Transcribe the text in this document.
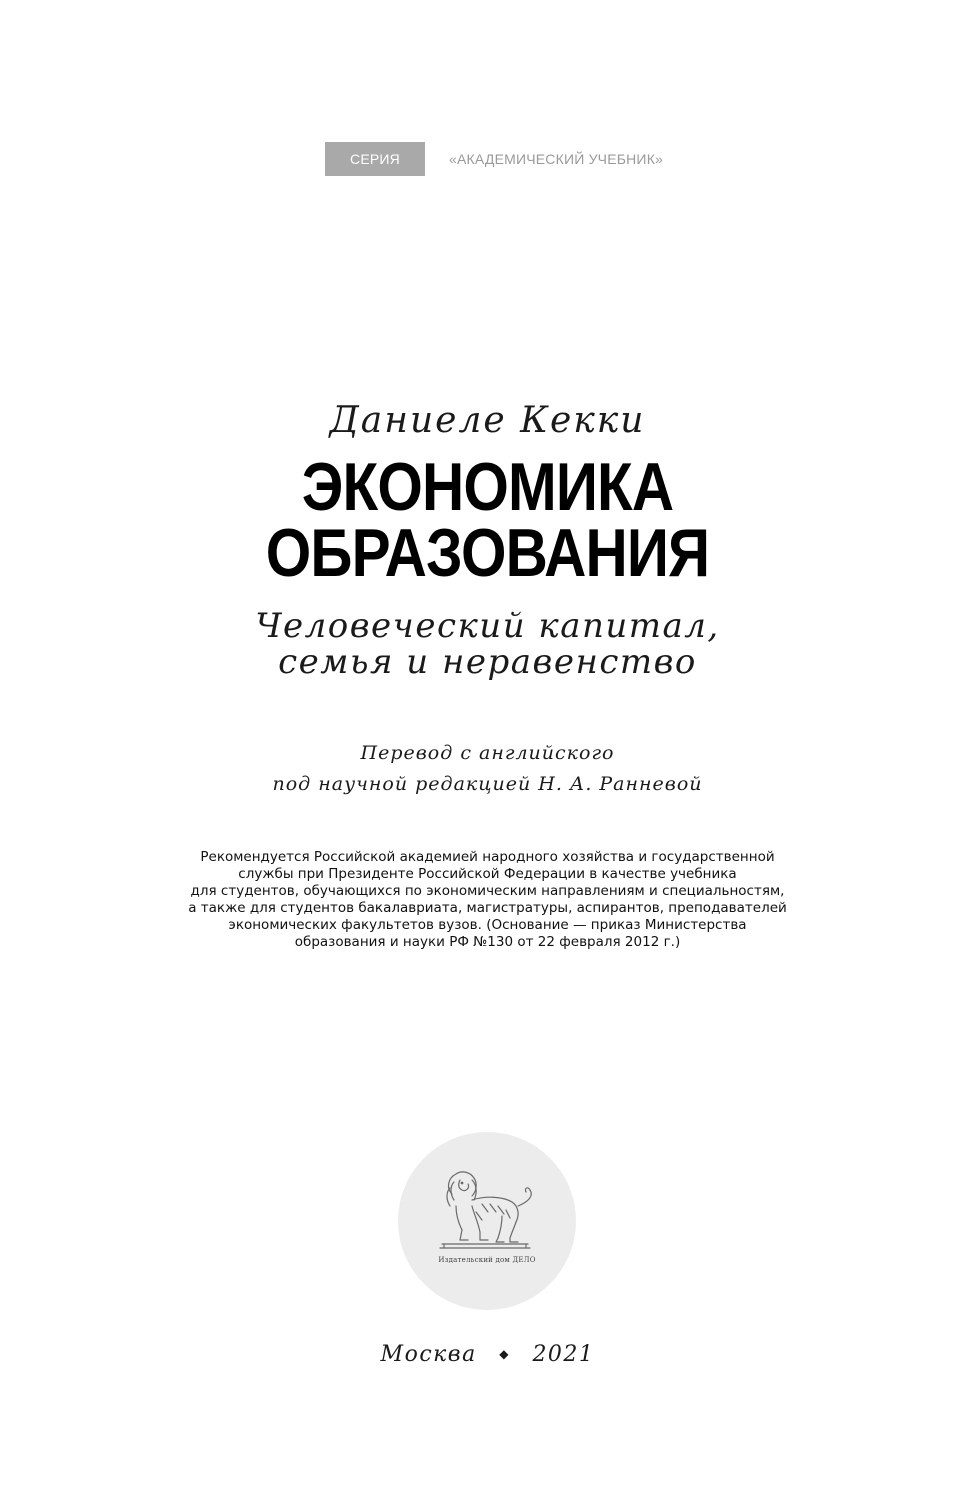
СЕРИЯ	«АКАДЕМИЧЕСКИЙ УЧЕБНИК»
Даниеле Кекки
ЭКОНОМИКА
ОБРАЗОВАНИЯ
Человеческий капитал,
семья и неравенство
Перевод с английского
под научной редакцией Н. А. Ранневой
Рекомендуется Российской академией народного хозяйства и государственной
службы при Президенте Российской Федерации в качестве учебника
для студентов, обучающихся по экономическим направлениям и специальностям,
а также для студентов бакалавриата, магистратуры, аспирантов, преподавателей
экономических факультетов вузов. (Основание — приказ Министерства
образования и науки РФ №130 от 22 февраля 2012 г.)
Издательский дом ДЕЛО
Москва ◆ 2021
